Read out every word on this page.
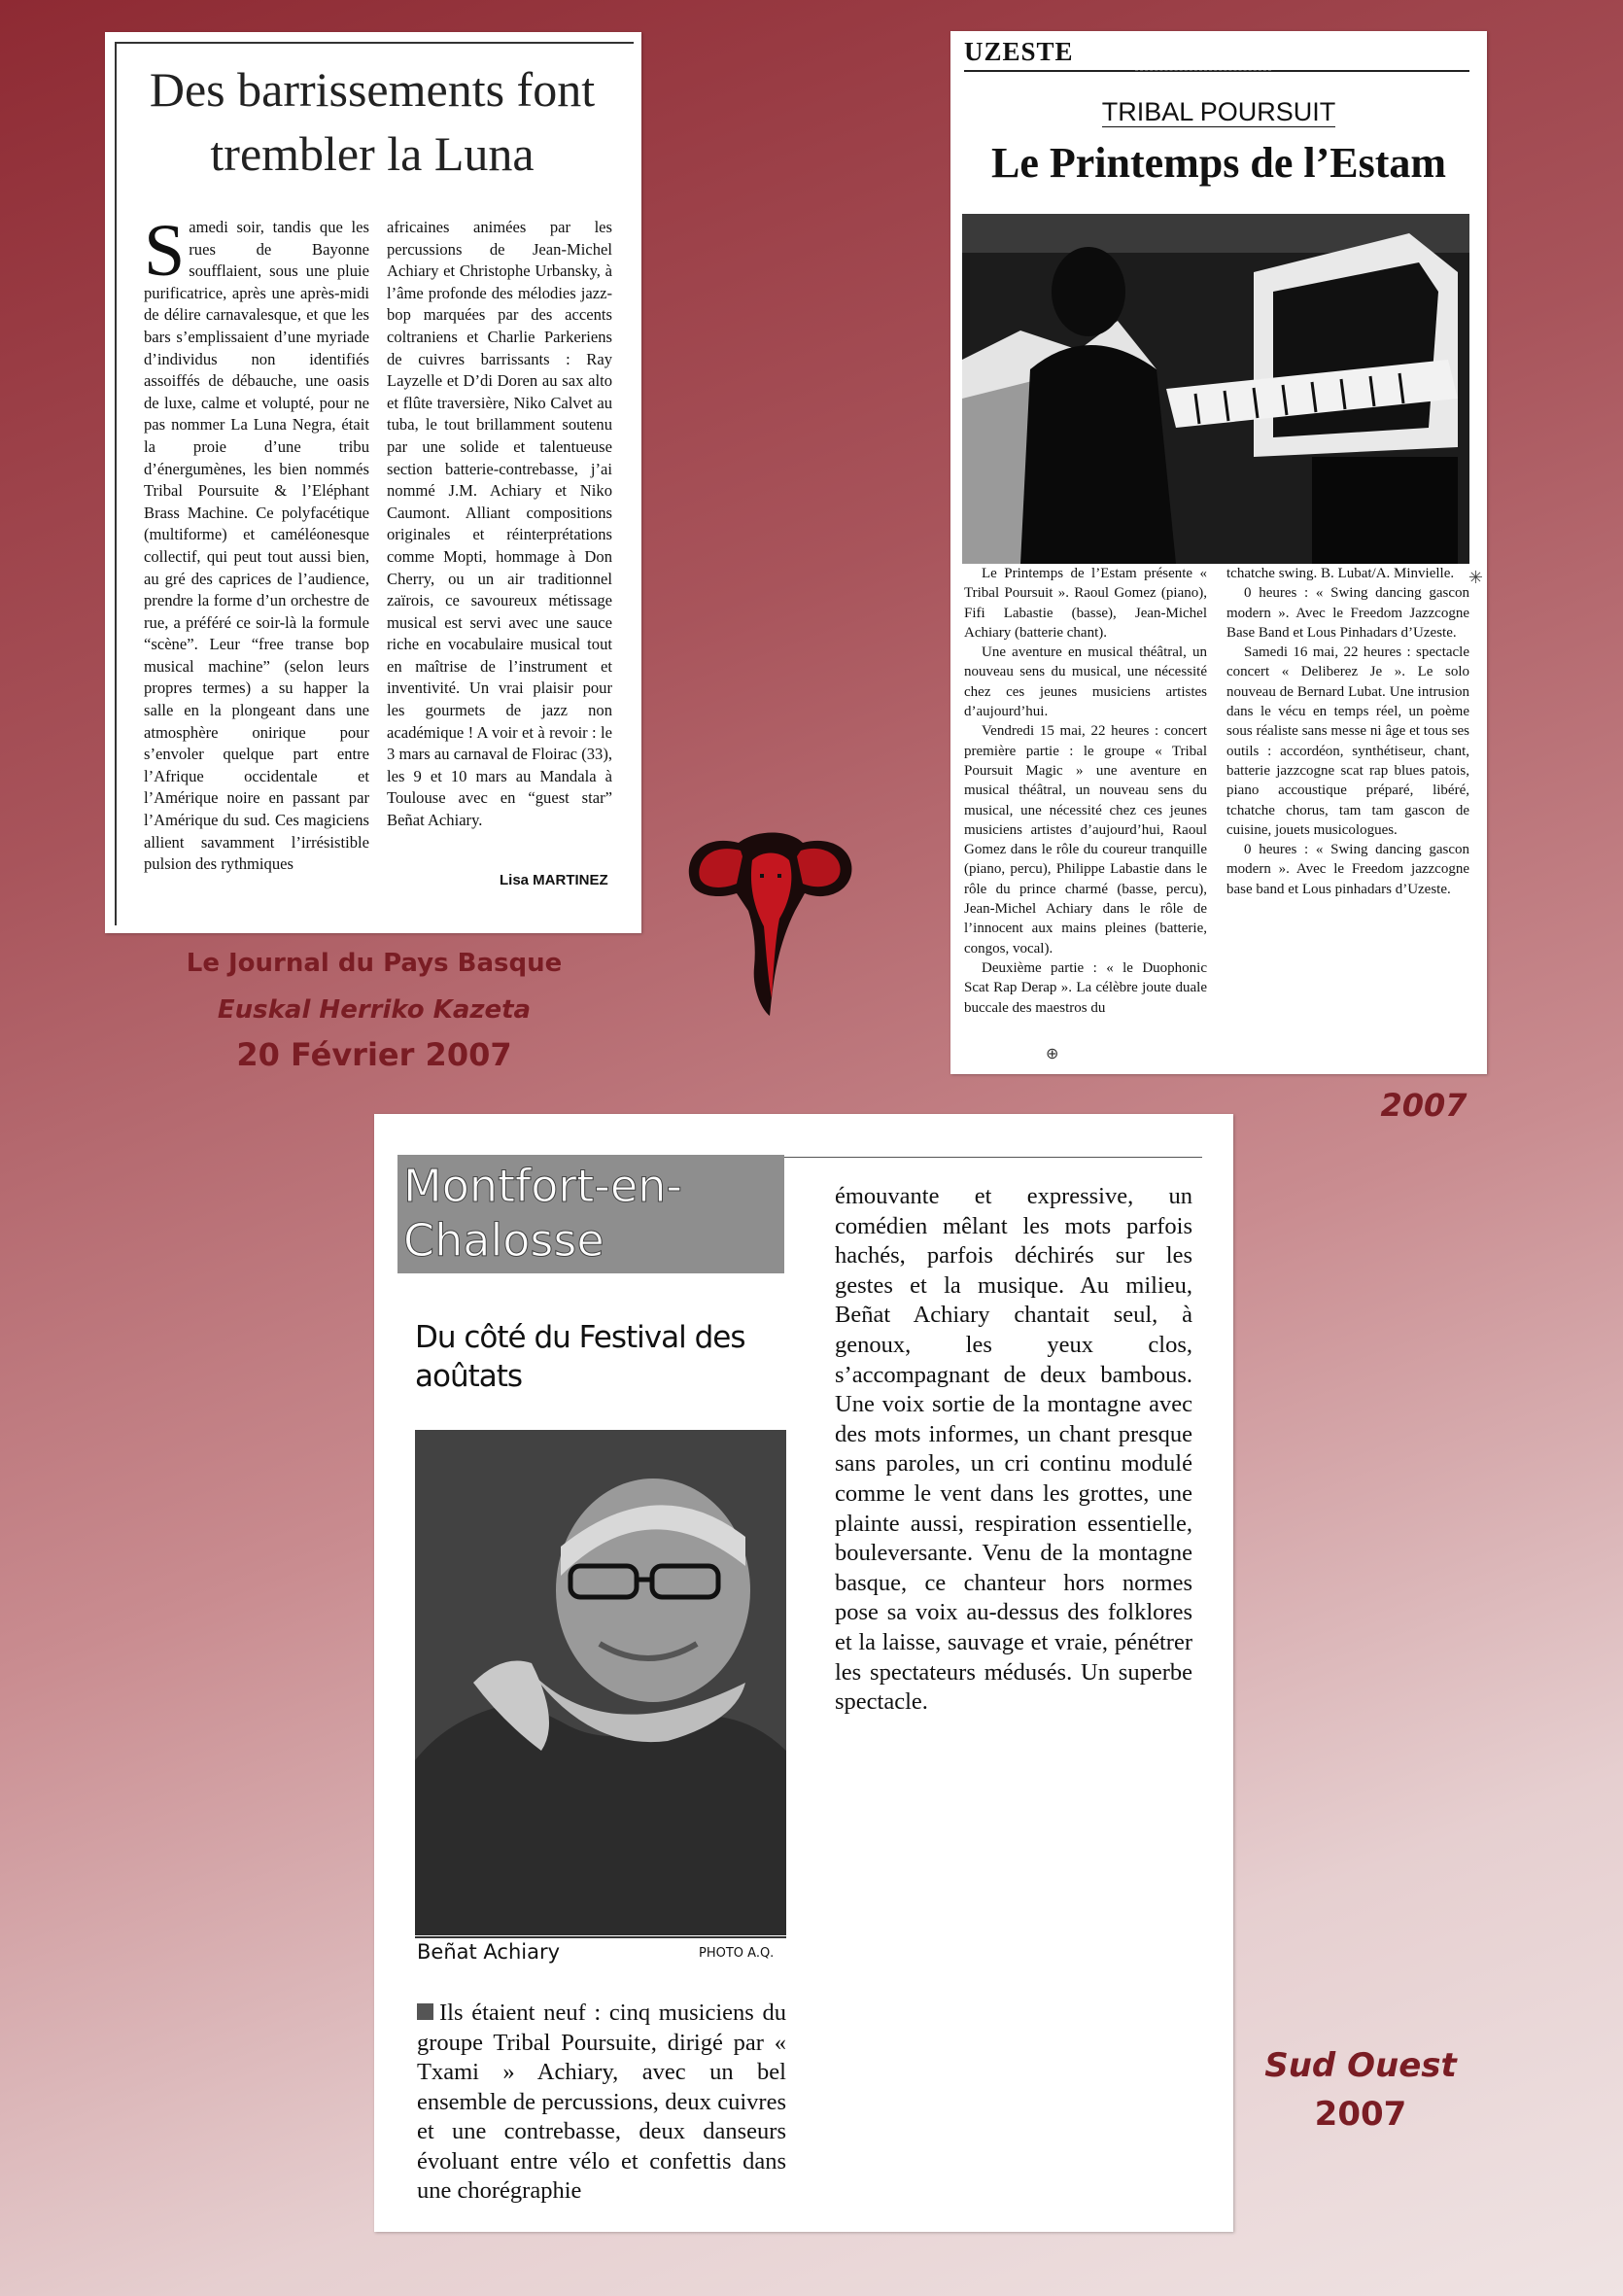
Des barrissements font trembler la Luna
Samedi soir, tandis que les rues de Bayonne soufflaient, sous une pluie purificatrice, après une après-midi de délire carnavalesque, et que les bars s’emplissaient d’une myriade d’individus non identifiés assoiffés de débauche, une oasis de luxe, calme et volupté, pour ne pas nommer La Luna Negra, était la proie d’une tribu d’énergumènes, les bien nommés Tribal Poursuite & l’Eléphant Brass Machine. Ce polyfacétique (multiforme) et caméléonesque collectif, qui peut tout aussi bien, au gré des caprices de l’audience, prendre la forme d’un orchestre de rue, a préféré ce soir-là la formule “scène”. Leur “free transe bop musical machine” (selon leurs propres termes) a su happer la salle en la plongeant dans une atmosphère onirique pour s’envoler quelque part entre l’Afrique occidentale et l’Amérique noire en passant par l’Amérique du sud. Ces magiciens allient savamment l’irrésistible pulsion des rythmiques
africaines animées par les percussions de Jean-Michel Achiary et Christophe Urbansky, à l’âme profonde des mélodies jazz-bop marquées par des accents coltraniens et Charlie Parkeriens de cuivres barrissants : Ray Layzelle et D’di Doren au sax alto et flûte traversière, Niko Calvet au tuba, le tout brillamment soutenu par une solide et talentueuse section batterie-contrebasse, j’ai nommé J.M. Achiary et Niko Caumont. Alliant compositions originales et réinterprétations comme Mopti, hommage à Don Cherry, ou un air traditionnel zaïrois, ce savoureux métissage musical est servi avec une sauce riche en vocabulaire musical tout en maîtrise de l’instrument et inventivité. Un vrai plaisir pour les gourmets de jazz non académique ! A voir et à revoir : le 3 mars au carnaval de Floirac (33), les 9 et 10 mars au Mandala à Toulouse avec en “guest star” Beñat Achiary.
Lisa MARTINEZ
Le Journal du Pays Basque
Euskal Herriko Kazeta
20 Février 2007
UZESTE
TRIBAL POURSUIT
Le Printemps de l’Estam

Le Printemps de l’Estam présente « Tribal Poursuit ». Raoul Gomez (piano), Fifi Labastie (basse), Jean-Michel Achiary (batterie chant).

Une aventure en musical théâtral, un nouveau sens du musical, une nécessité chez ces jeunes musiciens artistes d’aujourd’hui.

Vendredi 15 mai, 22 heures : concert première partie : le groupe « Tribal Poursuit Magic » une aventure en musical théâtral, un nouveau sens du musical, une nécessité chez ces jeunes musiciens artistes d’aujourd’hui, Raoul Gomez dans le rôle du coureur tranquille (piano, percu), Philippe Labastie dans le rôle du prince charmé (basse, percu), Jean-Michel Achiary dans le rôle de l’innocent aux mains pleines (batterie, congos, vocal).

Deuxième partie : « le Duophonic Scat Rap Derap ». La célèbre joute duale buccale des maestros du

tchatche swing. B. Lubat/A. Minvielle.

0 heures : « Swing dancing gascon modern ». Avec le Freedom Jazzcogne Base Band et Lous Pinhadars d’Uzeste.

Samedi 16 mai, 22 heures : spectacle concert « Deliberez Je ». Le solo nouveau de Bernard Lubat. Une intrusion dans le vécu en temps réel, un poème sous réaliste sans messe ni âge et tous ses outils : accordéon, synthétiseur, chant, batterie jazzcogne scat rap blues patois, piano accoustique préparé, libéré, tchatche chorus, tam tam gascon de cuisine, jouets musicologues.

0 heures : « Swing dancing gascon modern ». Avec le Freedom jazzcogne base band et Lous pinhadars d’Uzeste.

✳
⊕
2007
Montfort-en-Chalosse
Du côté du Festival des aoûtats
Beñat Achiary	PHOTO A.Q.
Ils étaient neuf : cinq musiciens du groupe Tribal Poursuite, dirigé par « Txami » Achiary, avec un bel ensemble de percussions, deux cuivres et une contrebasse, deux danseurs évoluant entre vélo et confettis dans une chorégraphie
émouvante et expressive, un comédien mêlant les mots parfois hachés, parfois déchirés sur les gestes et la musique. Au milieu, Beñat Achiary chantait seul, à genoux, les yeux clos, s’accompagnant de deux bambous. Une voix sortie de la montagne avec des mots informes, un chant presque sans paroles, un cri continu modulé comme le vent dans les grottes, une plainte aussi, respiration essentielle, bouleversante. Venu de la montagne basque, ce chanteur hors normes pose sa voix au-dessus des folklores et la laisse, sauvage et vraie, pénétrer les spectateurs médusés. Un superbe spectacle.
Sud Ouest
2007
